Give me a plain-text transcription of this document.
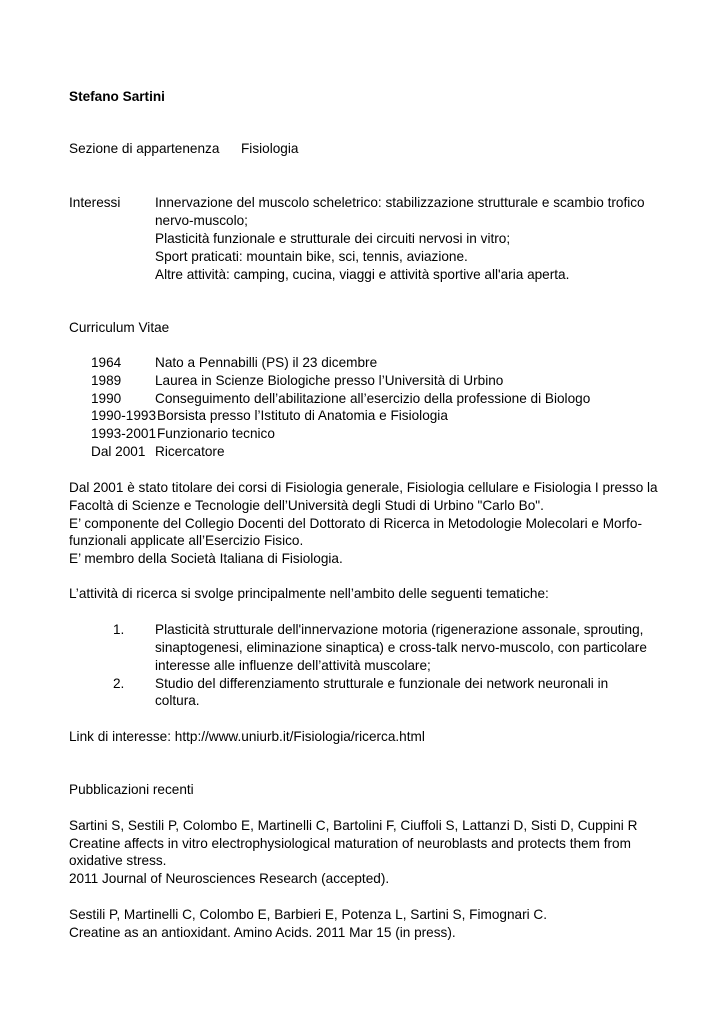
Stefano Sartini
Sezione di appartenenza Fisiologia
Interessi	Innervazione del muscolo scheletrico: stabilizzazione strutturale e scambio trofico
nervo-muscolo;
Plasticità funzionale e strutturale dei circuiti nervosi in vitro;
Sport praticati: mountain bike, sci, tennis, aviazione.
Altre attività: camping, cucina, viaggi e attività sportive all'aria aperta.
Curriculum Vitae
1964 Nato a Pennabilli (PS) il 23 dicembre
1989 Laurea in Scienze Biologiche presso l’Università di Urbino
1990 Conseguimento dell’abilitazione all’esercizio della professione di Biologo
1990-1993 Borsista presso l’Istituto di Anatomia e Fisiologia
1993-2001 Funzionario tecnico
Dal 2001 Ricercatore
Dal 2001 è stato titolare dei corsi di Fisiologia generale, Fisiologia cellulare e Fisiologia I presso la
Facoltà di Scienze e Tecnologie dell’Università degli Studi di Urbino "Carlo Bo".
E’ componente del Collegio Docenti del Dottorato di Ricerca in Metodologie Molecolari e Morfo-
funzionali applicate all’Esercizio Fisico.
E’ membro della Società Italiana di Fisiologia.
L’attività di ricerca si svolge principalmente nell’ambito delle seguenti tematiche:
1. Plasticità strutturale dell'innervazione motoria (rigenerazione assonale, sprouting,
sinaptogenesi, eliminazione sinaptica) e cross-talk nervo-muscolo, con particolare
interesse alle influenze dell’attività muscolare;
2. Studio del differenziamento strutturale e funzionale dei network neuronali in
coltura.
Link di interesse: http://www.uniurb.it/Fisiologia/ricerca.html
Pubblicazioni recenti
Sartini S, Sestili P, Colombo E, Martinelli C, Bartolini F, Ciuffoli S, Lattanzi D, Sisti D, Cuppini R
Creatine affects in vitro electrophysiological maturation of neuroblasts and protects them from
oxidative stress.
2011 Journal of Neurosciences Research (accepted).
Sestili P, Martinelli C, Colombo E, Barbieri E, Potenza L, Sartini S, Fimognari C.
Creatine as an antioxidant. Amino Acids. 2011 Mar 15 (in press).
